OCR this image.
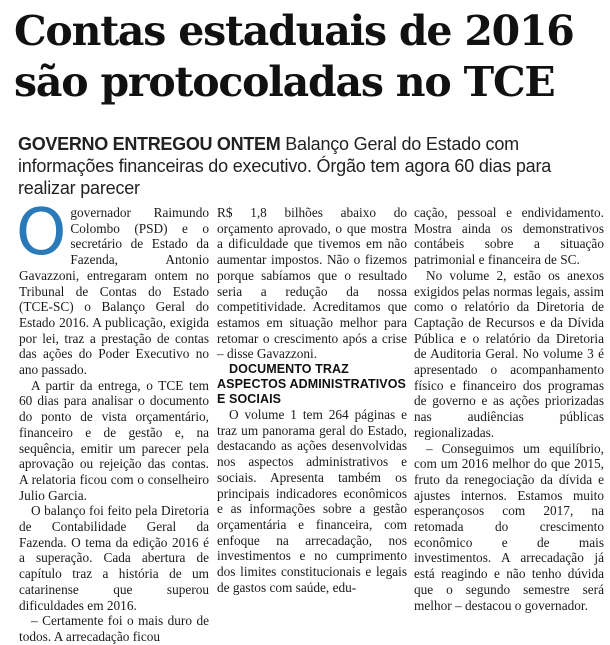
Contas estaduais de 2016
são protocoladas no TCE

GOVERNO ENTREGOU ONTEM Balanço Geral do Estado com informações financeiras do executivo. Órgão tem agora 60 dias para realizar parecer

Ogovernador Raimundo Colombo (PSD) e o secretário de Estado da Fazenda, Antonio Gavazzoni, entregaram ontem no Tribunal de Contas do Estado (TCE-SC) o Balanço Geral do Estado 2016. A publicação, exigida por lei, traz a prestação de contas das ações do Poder Executivo no ano passado.

A partir da entrega, o TCE tem 60 dias para analisar o documento do ponto de vista orçamentário, financeiro e de gestão e, na sequência, emitir um parecer pela aprovação ou rejeição das contas. A relatoria ficou com o conselheiro Julio Garcia.

O balanço foi feito pela Diretoria de Contabilidade Geral da Fazenda. O tema da edição 2016 é a superação. Cada abertura de capítulo traz a história de um catarinense que superou dificuldades em 2016.

– Certamente foi o mais duro de todos. A arrecadação ficou

R$ 1,8 bilhões abaixo do orçamento aprovado, o que mostra a dificuldade que tivemos em não aumentar impostos. Não o fizemos porque sabíamos que o resultado seria a redução da nossa competitividade. Acreditamos que estamos em situação melhor para retomar o crescimento após a crise – disse Gavazzoni.

DOCUMENTO TRAZ ASPECTOS ADMINISTRATIVOS E SOCIAIS

O volume 1 tem 264 páginas e traz um panorama geral do Estado, destacando as ações desenvolvidas nos aspectos administrativos e sociais. Apresenta também os principais indicadores econômicos e as informações sobre a gestão orçamentária e financeira, com enfoque na arrecadação, nos investimentos e no cumprimento dos limites constitucionais e legais de gastos com saúde, edu-

cação, pessoal e endividamento. Mostra ainda os demonstrativos contábeis sobre a situação patrimonial e financeira de SC.

No volume 2, estão os anexos exigidos pelas normas legais, assim como o relatório da Diretoria de Captação de Recursos e da Dívida Pública e o relatório da Diretoria de Auditoria Geral. No volume 3 é apresentado o acompanhamento físico e financeiro dos programas de governo e as ações priorizadas nas audiências públicas regionalizadas.

– Conseguimos um equilíbrio, com um 2016 melhor do que 2015, fruto da renegociação da dívida e ajustes internos. Estamos muito esperançosos com 2017, na retomada do crescimento econômico e de mais investimentos. A arrecadação já está reagindo e não tenho dúvida que o segundo semestre será melhor – destacou o governador.
